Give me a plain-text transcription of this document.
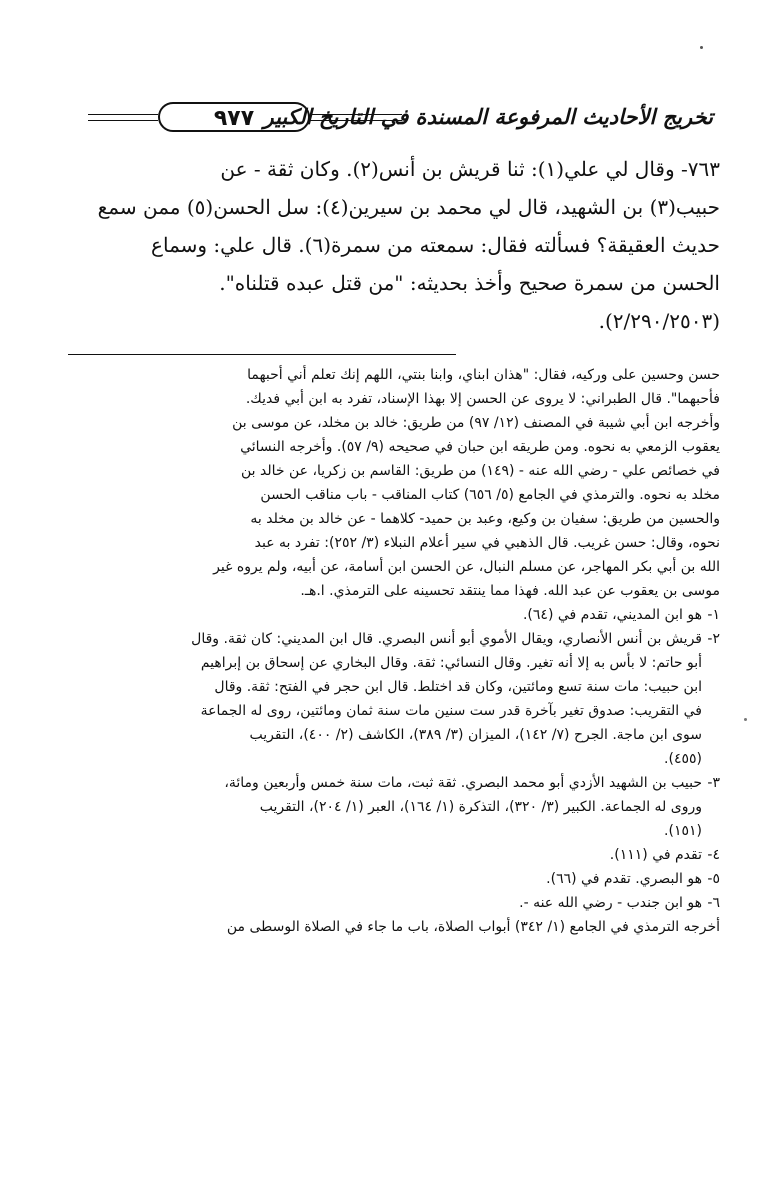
٩٧٧ تخريج الأحاديث المرفوعة المسندة في التاريخ الكبير

٧٦٣- وقال لي علي(١): ثنا قريش بن أنس(٢). وكان ثقة - عن

حبيب(٣) بن الشهيد، قال لي محمد بن سيرين(٤): سل الحسن(٥) ممن سمع

حديث العقيقة؟ فسألته فقال: سمعته من سمرة(٦). قال علي: وسماع

الحسن من سمرة صحيح وأخذ بحديثه: "من قتل عبده قتلناه".

(٢/٢٩٠/٢٥٠٣).

حسن وحسين على وركيه، فقال: "هذان ابناي، وابنا بنتي، اللهم إنك تعلم أني أحبهما

فأحبهما". قال الطبراني: لا يروى عن الحسن إلا بهذا الإسناد، تفرد به ابن أبي فديك.

وأخرجه ابن أبي شيبة في المصنف (١٢/ ٩٧) من طريق: خالد بن مخلد، عن موسى بن

يعقوب الزمعي به نحوه. ومن طريقه ابن حبان في صحيحه (٩/ ٥٧). وأخرجه النسائي

في خصائص علي - رضي الله عنه - (١٤٩) من طريق: القاسم بن زكريا، عن خالد بن

مخلد به نحوه. والترمذي في الجامع (٥/ ٦٥٦) كتاب المناقب - باب مناقب الحسن

والحسين من طريق: سفيان بن وكيع، وعبد بن حميد- كلاهما - عن خالد بن مخلد به

نحوه، وقال: حسن غريب. قال الذهبي في سير أعلام النبلاء (٣/ ٢٥٢): تفرد به عبد

الله بن أبي بكر المهاجر، عن مسلم النبال، عن الحسن ابن أسامة، عن أبيه، ولم يروه غير

موسى بن يعقوب عن عبد الله. فهذا مما ينتقد تحسينه على الترمذي. ا.هـ.

١-

هو ابن المديني، تقدم في (٦٤).

٢-

قريش بن أنس الأنصاري، ويقال الأموي أبو أنس البصري. قال ابن المديني: كان ثقة. وقال

أبو حاتم: لا بأس به إلا أنه تغير. وقال النسائي: ثقة. وقال البخاري عن إسحاق بن إبراهيم

ابن حبيب: مات سنة تسع ومائتين، وكان قد اختلط. قال ابن حجر في الفتح: ثقة. وقال

في التقريب: صدوق تغير بآخرة قدر ست سنين مات سنة ثمان ومائتين، روى له الجماعة

سوى ابن ماجة. الجرح (٧/ ١٤٢)، الميزان (٣/ ٣٨٩)، الكاشف (٢/ ٤٠٠)، التقريب

(٤٥٥).

٣-

حبيب بن الشهيد الأزدي أبو محمد البصري. ثقة ثبت، مات سنة خمس وأربعين ومائة،

وروى له الجماعة. الكبير (٣/ ٣٢٠)، التذكرة (١/ ١٦٤)، العبر (١/ ٢٠٤)، التقريب

(١٥١).

٤-

تقدم في (١١١).

٥-

هو البصري. تقدم في (٦٦).

٦-

هو ابن جندب - رضي الله عنه -.

أخرجه الترمذي في الجامع (١/ ٣٤٢) أبواب الصلاة، باب ما جاء في الصلاة الوسطى من
